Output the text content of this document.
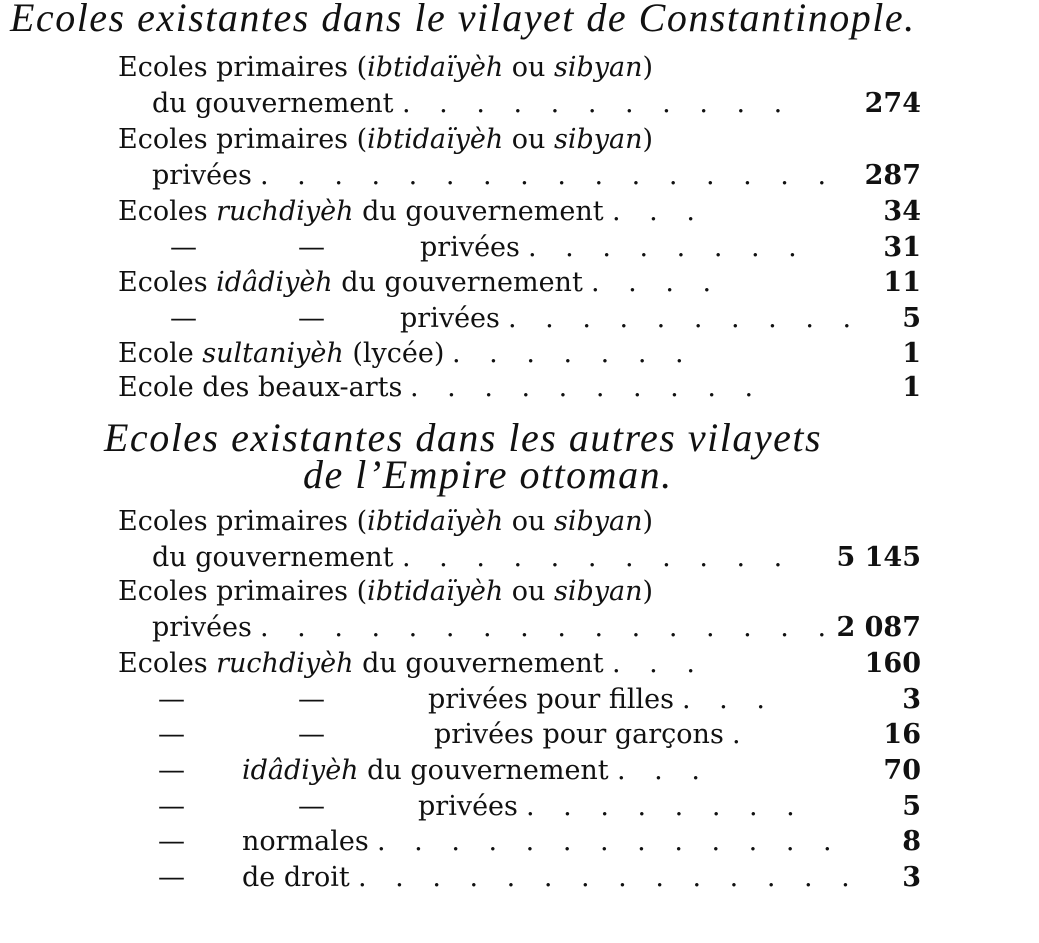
Ecoles existantes dans le vilayet de Constantinople.
Ecoles primaires (ibtidaïyèh ou sibyan)
du gouvernement . . . . . . . . . . .	274
Ecoles primaires (ibtidaïyèh ou sibyan)
privées . . . . . . . . . . . . . . . . 287
Ecoles ruchdiyèh du gouvernement . . .	34
—	—	privées . . . . . . . .	31
Ecoles idâdiyèh du gouvernement . . . .	11
—	—	privées . . . . . . . . . . 5
Ecole sultaniyèh (lycée) . . . . . . .	1
Ecole des beaux-arts . . . . . . . . . .	1
Ecoles existantes dans les autres vilayets
de l’Empire ottoman.
Ecoles primaires (ibtidaïyèh ou sibyan)
du gouvernement . . . . . . . . . . . 5 145
Ecoles primaires (ibtidaïyèh ou sibyan)
privées . . . . . . . . . . . . . . . . 2 087
Ecoles ruchdiyèh du gouvernement . . .	160
—	—	privées pour filles . . .	3
—	—	privées pour garçons .	16
— idâdiyèh du gouvernement . . .	70
—	—	privées . . . . . . . .	5
— normales . . . . . . . . . . . . . 8
— de droit . . . . . . . . . . . . . . 3
